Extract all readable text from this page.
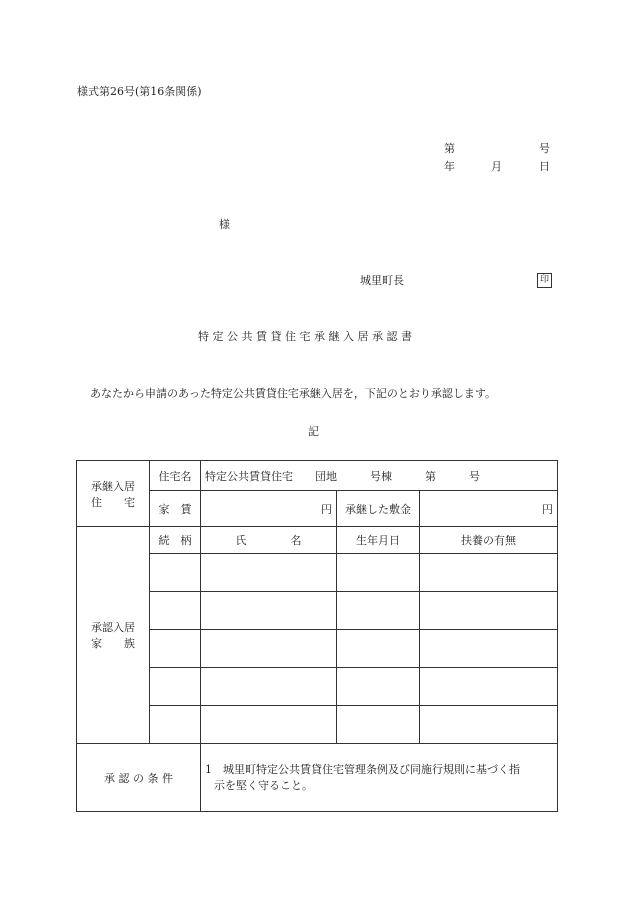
様式第26号(第16条関係)
第	号
年	月	日
様
城里町長	印
特 定 公 共 賃 貸 住 宅 承 継 入 居 承 認 書
あなたから申請のあった特定公共賃貸住宅承継入居を，下記のとおり承認します。
記
承継入居
住　　宅	住宅名	特定公共賃貸住宅　　団地　　　号棟　　　第　　　号		
	家　賃	円	承継した敷金	円

承認入居
家　　族	続　柄	氏　　　　名	生年月日	扶養の有無

承 認 の 条 件		1　城里町特定公共賃貸住宅管理条例及び同施行規則に基づく指
示を堅く守ること。		
